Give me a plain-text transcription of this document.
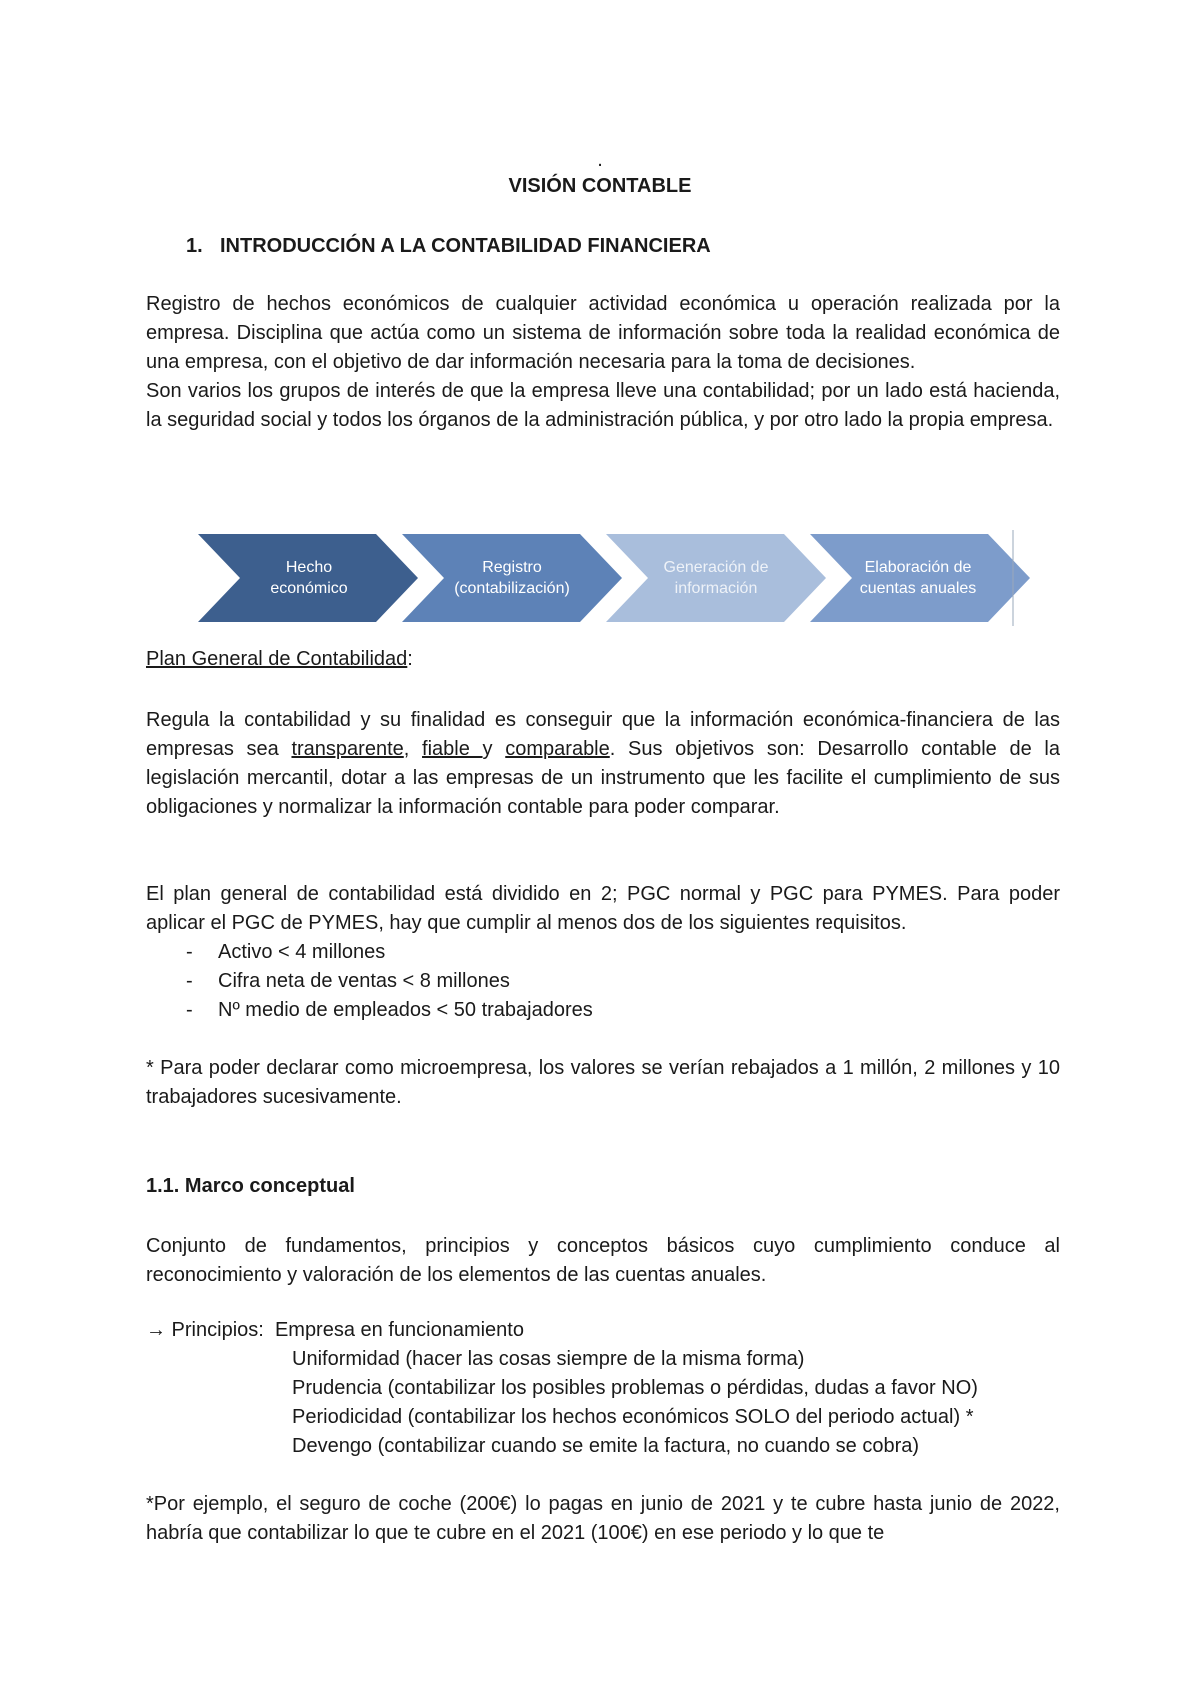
.
VISIÓN CONTABLE
1. INTRODUCCIÓN A LA CONTABILIDAD FINANCIERA

Registro de hechos económicos de cualquier actividad económica u operación realizada por la empresa. Disciplina que actúa como un sistema de información sobre toda la realidad económica de una empresa, con el objetivo de dar información necesaria para la toma de decisiones.

Son varios los grupos de interés de que la empresa lleve una contabilidad; por un lado está hacienda, la seguridad social y todos los órganos de la administración pública, y por otro lado la propia empresa.

Hecho
económico
Registro
(contabilización)
Generación de
información
Elaboración de
cuentas anuales

Plan General de Contabilidad:

Regula la contabilidad y su finalidad es conseguir que la información económica-financiera de las empresas sea transparente, fiable y comparable. Sus objetivos son: Desarrollo contable de la legislación mercantil, dotar a las empresas de un instrumento que les facilite el cumplimiento de sus obligaciones y normalizar la información contable para poder comparar.

El plan general de contabilidad está dividido en 2; PGC normal y PGC para PYMES. Para poder aplicar el PGC de PYMES, hay que cumplir al menos dos de los siguientes requisitos.

- Activo < 4 millones
- Cifra neta de ventas < 8 millones
- Nº medio de empleados < 50 trabajadores

* Para poder declarar como microempresa, los valores se verían rebajados a 1 millón, 2 millones y 10 trabajadores sucesivamente.

1.1. Marco conceptual

Conjunto de fundamentos, principios y conceptos básicos cuyo cumplimiento conduce al reconocimiento y valoración de los elementos de las cuentas anuales.

→ Principios: Empresa en funcionamiento
Uniformidad (hacer las cosas siempre de la misma forma)
Prudencia (contabilizar los posibles problemas o pérdidas, dudas a favor NO)
Periodicidad (contabilizar los hechos económicos SOLO del periodo actual) *
Devengo (contabilizar cuando se emite la factura, no cuando se cobra)

*Por ejemplo, el seguro de coche (200€) lo pagas en junio de 2021 y te cubre hasta junio de 2022, habría que contabilizar lo que te cubre en el 2021 (100€) en ese periodo y lo que te
